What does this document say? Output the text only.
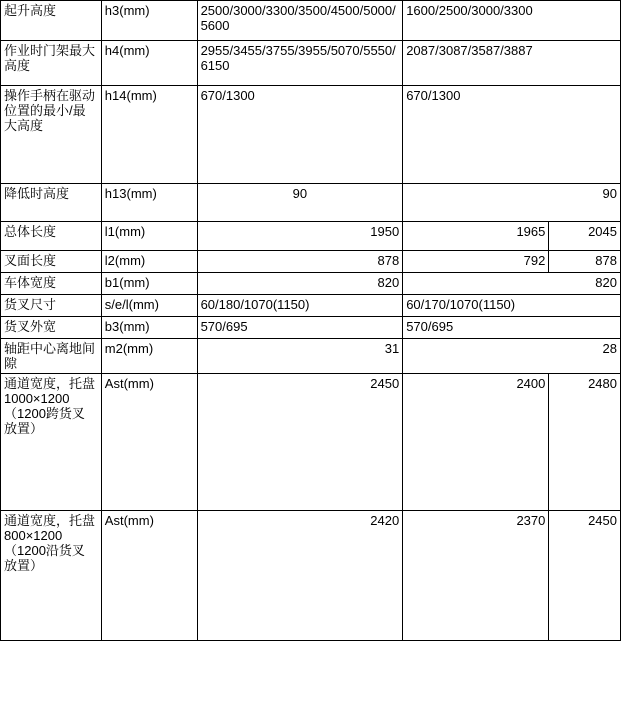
起升高度	h3(mm)	2500/3000/3300/3500/4500/5000/5600	1600/2500/3000/3300	
作业时门架最大高度	h4(mm)	2955/3455/3755/3955/5070/5550/6150	2087/3087/3587/3887	
操作手柄在驱动位置的最小/最大高度	h14(mm)	670/1300	670/1300	
降低时高度	h13(mm)	90	90	
总体长度	l1(mm)	1950	1965	2045
叉面长度	l2(mm)	878	792	878
车体宽度	b1(mm)	820	820	
货叉尺寸	s/e/l(mm)	60/180/1070(1150)	60/170/1070(1150)	
货叉外宽	b3(mm)	570/695	570/695	
轴距中心离地间隙	m2(mm)	31	28	
通道宽度，托盘1000×1200（1200跨货叉放置）	Ast(mm)	2450	2400	2480
通道宽度，托盘800×1200（1200沿货叉放置）	Ast(mm)	2420	2370	2450
